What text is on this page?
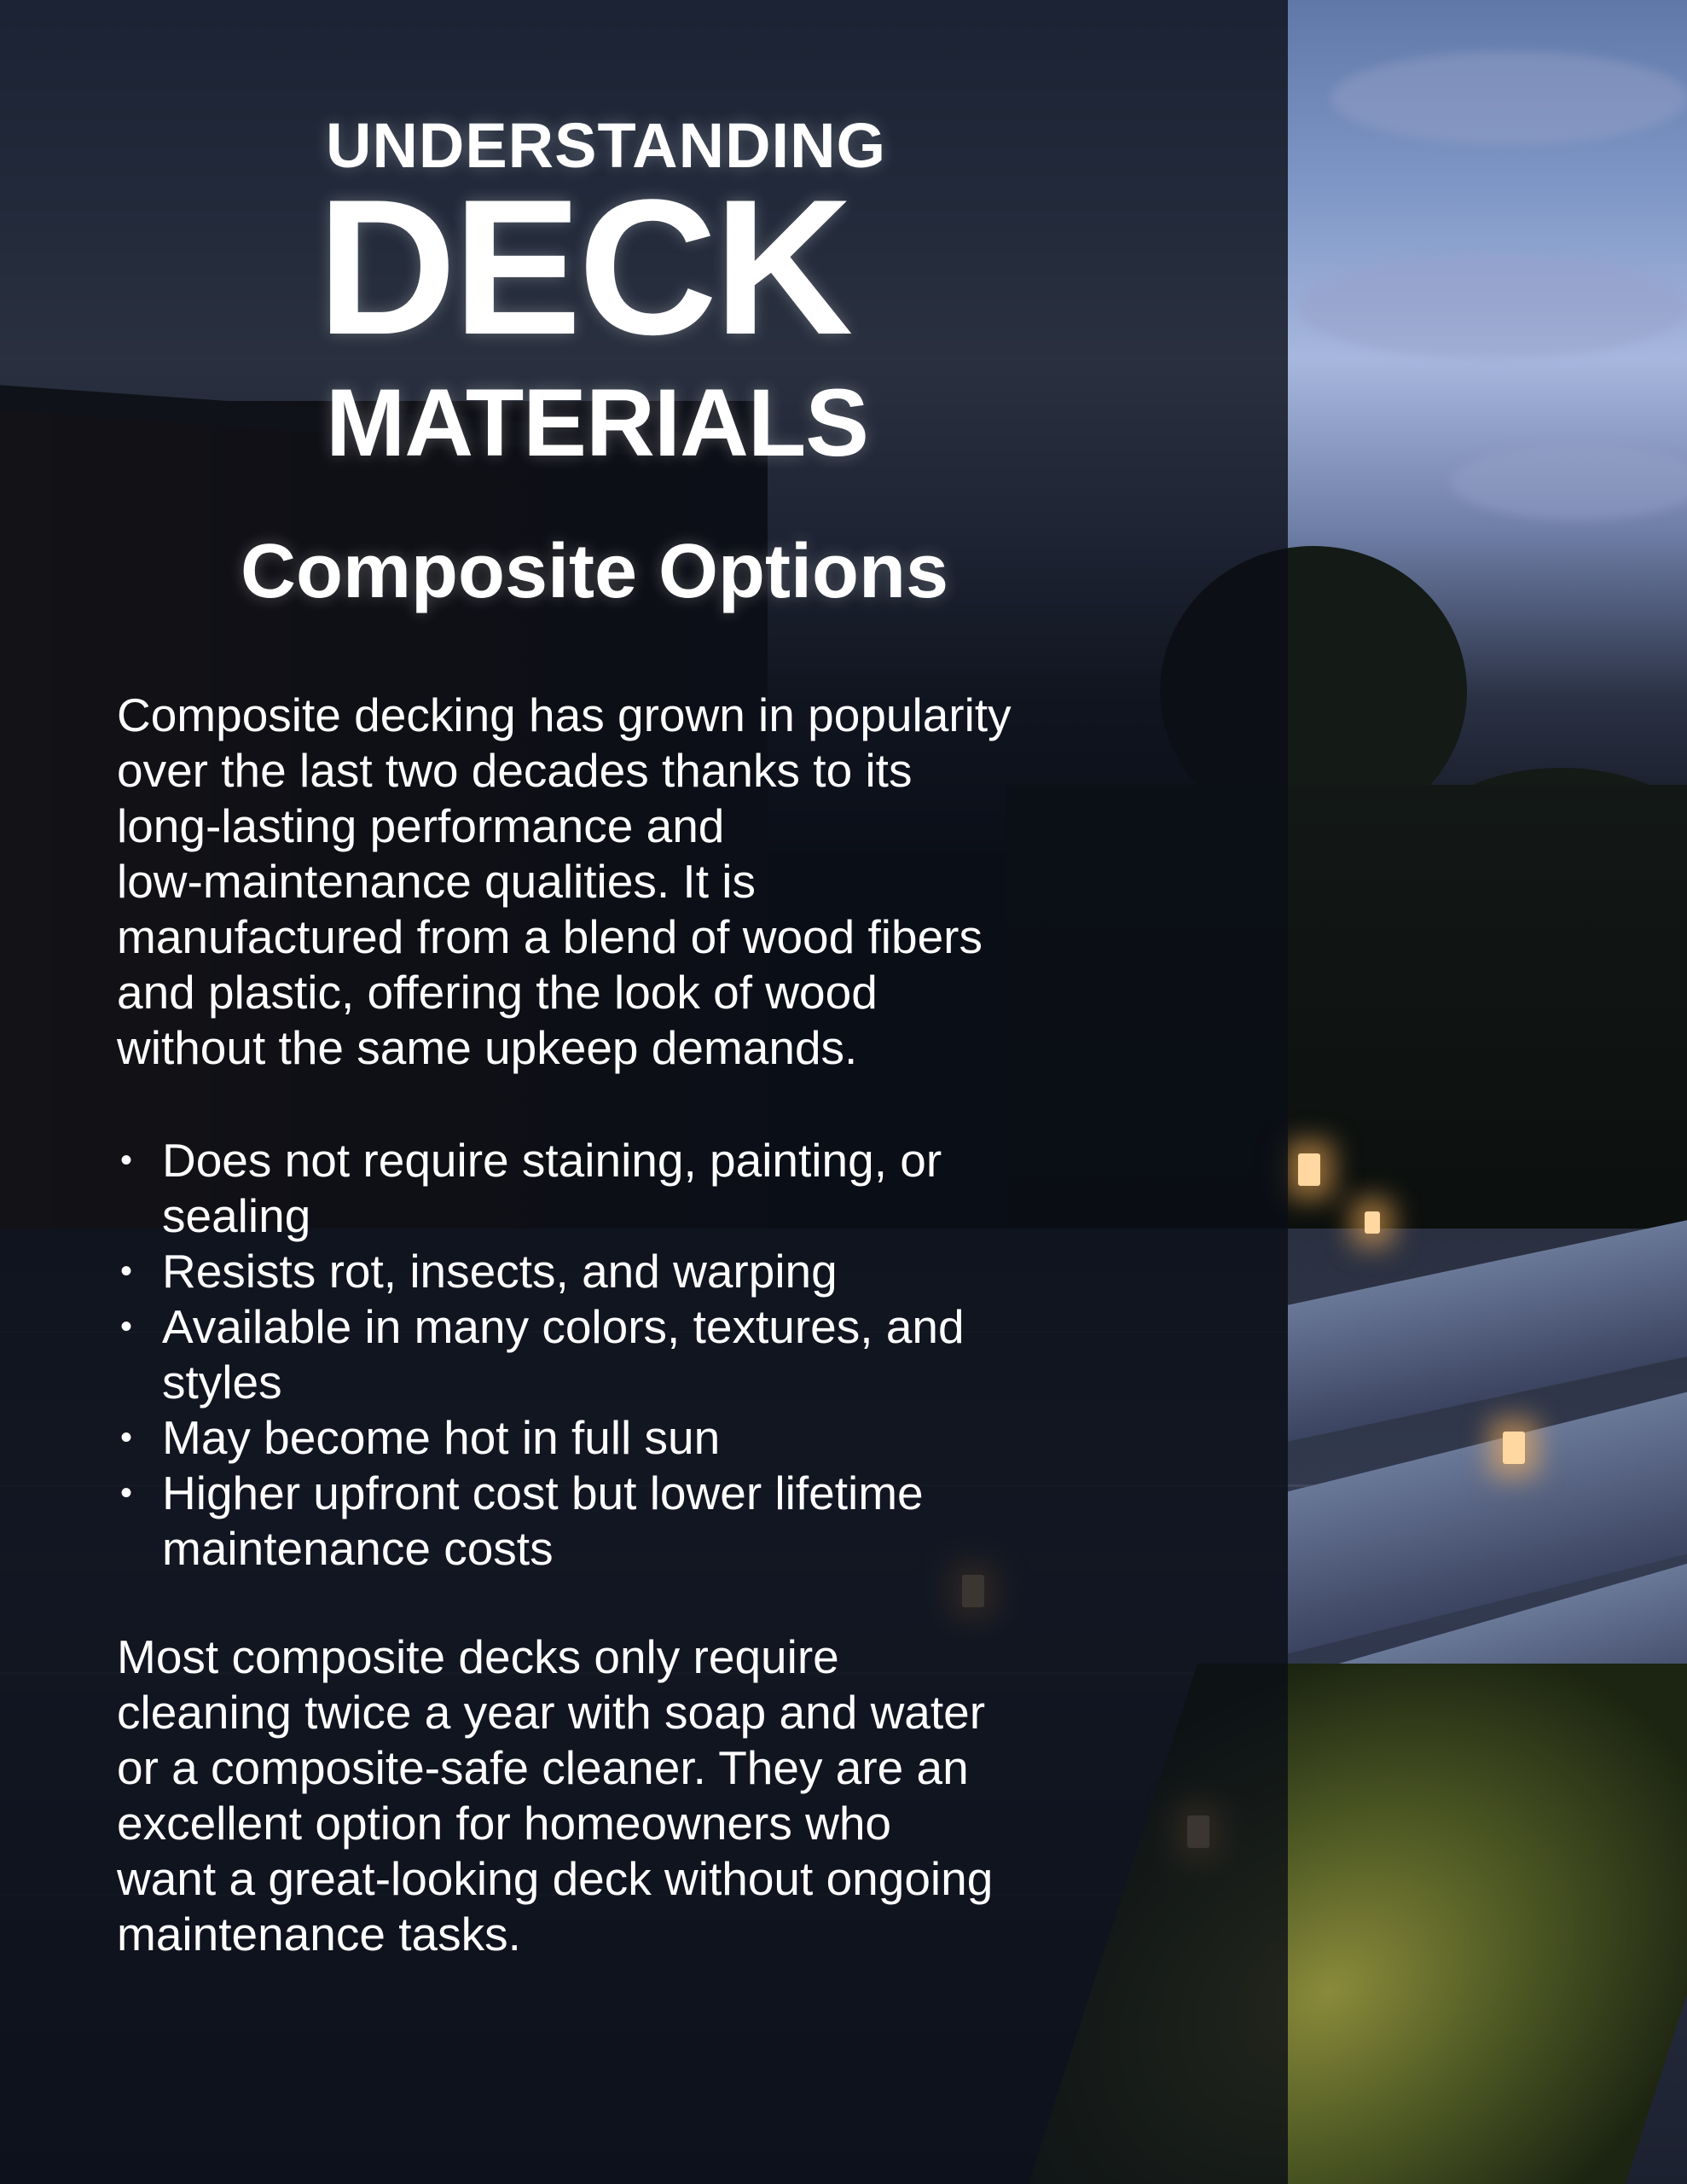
UNDERSTANDING
DECK
MATERIALS
Composite Options

Composite decking has grown in popularity
over the last two decades thanks to its
long-lasting performance and
low-maintenance qualities. It is
manufactured from a blend of wood fibers
and plastic, offering the look of wood
without the same upkeep demands.

• Does not require staining, painting, or
sealing
• Resists rot, insects, and warping
• Available in many colors, textures, and
styles
• May become hot in full sun
• Higher upfront cost but lower lifetime
maintenance costs

Most composite decks only require
cleaning twice a year with soap and water
or a composite-safe cleaner. They are an
excellent option for homeowners who
want a great-looking deck without ongoing
maintenance tasks.
